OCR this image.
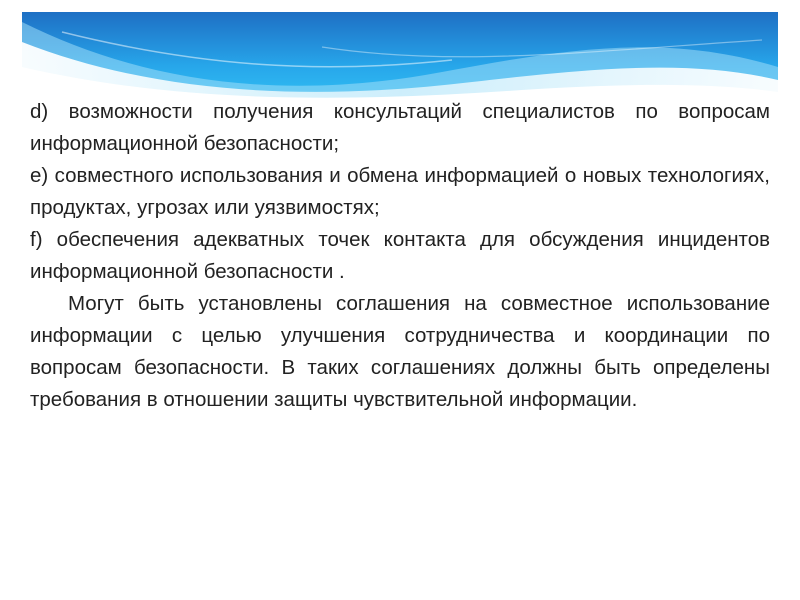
d) возможности получения консультаций специалистов по вопросам информационной безопасности;

e) совместного использования и обмена информацией о новых технологиях, продуктах, угрозах или уязвимостях;

f) обеспечения адекватных точек контакта для обсуждения инцидентов информационной безопасности .

Могут быть установлены соглашения на совместное использование информации с целью улучшения сотрудничества и координации по вопросам безопасности. В таких соглашениях должны быть определены требования в отношении защиты чувствительной информации.
